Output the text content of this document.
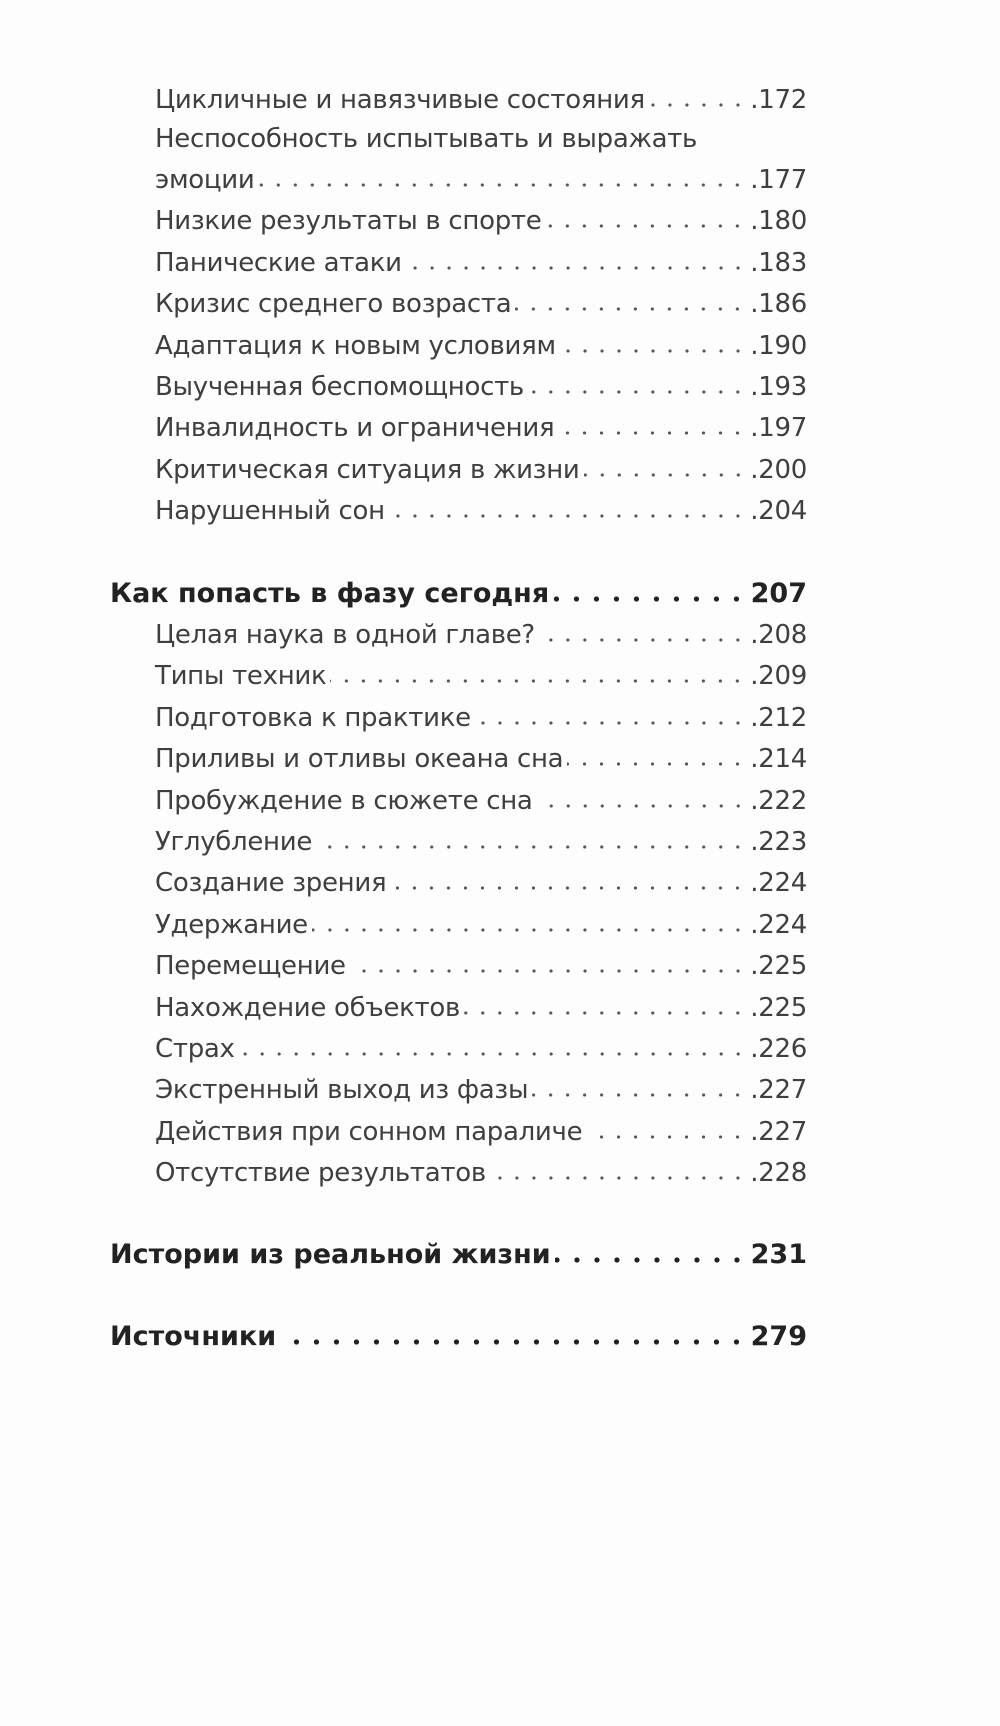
Цикличные и навязчивые состояния	.172
Неспособность испытывать и выражать
эмоции	.177
Низкие результаты в спорте	.180
Панические атаки	.183
Кризис среднего возраста	.186
Адаптация к новым условиям	.190
Выученная беспомощность	.193
Инвалидность и ограничения	.197
Критическая ситуация в жизни	.200
Нарушенный сон	.204
Как попасть в фазу сегодня	207
Целая наука в одной главе?	.208
Типы техник	.209
Подготовка к практике	.212
Приливы и отливы океана сна	.214
Пробуждение в сюжете сна	.222
Углубление	.223
Создание зрения	.224
Удержание	.224
Перемещение	.225
Нахождение объектов	.225
Страх	.226
Экстренный выход из фазы	.227
Действия при сонном параличе	.227
Отсутствие результатов	.228
Истории из реальной жизни	231
Источники	279
